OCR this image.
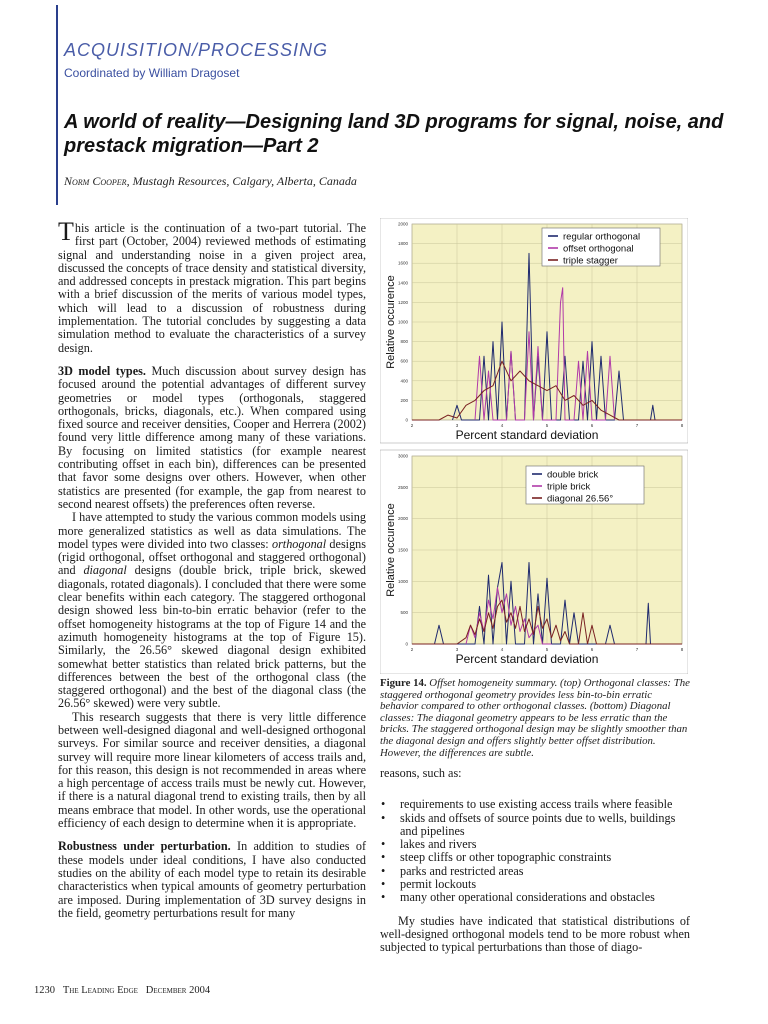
ACQUISITION/PROCESSING
Coordinated by William Dragoset
A world of reality—Designing land 3D programs for signal, noise, and prestack migration—Part 2
Norm Cooper, Mustagh Resources, Calgary, Alberta, Canada

This article is the continuation of a two-part tutorial. The first part (October, 2004) reviewed methods of estimating signal and understanding noise in a given project area, discussed the concepts of trace density and statistical diversity, and addressed concepts in prestack migration. This part begins with a brief discussion of the merits of various model types, which will lead to a discussion of robustness during implementation. The tutorial concludes by suggesting a data simulation method to evaluate the characteristics of a survey design.

3D model types. Much discussion about survey design has focused around the potential advantages of different survey geometries or model types (orthogonals, staggered orthogonals, bricks, diagonals, etc.). When compared using fixed source and receiver densities, Cooper and Herrera (2002) found very little difference among many of these variations. By focusing on limited statistics (for example nearest contributing offset in each bin), differences can be presented that favor some designs over others. However, when other statistics are presented (for example, the gap from nearest to second nearest offsets) the preferences often reverse.

I have attempted to study the various common models using more generalized statistics as well as data simulations. The model types were divided into two classes: orthogonal designs (rigid orthogonal, offset orthogonal and staggered orthogonal) and diagonal designs (double brick, triple brick, skewed diagonals, rotated diagonals). I concluded that there were some clear benefits within each category. The staggered orthogonal design showed less bin-to-bin erratic behavior (refer to the offset homogeneity histograms at the top of Figure 14 and the azimuth homogeneity histograms at the top of Figure 15). Similarly, the 26.56° skewed diagonal design exhibited somewhat better statistics than related brick patterns, but the differences between the best of the orthogonal class (the staggered orthogonal) and the best of the diagonal class (the 26.56° skewed) were very subtle.

This research suggests that there is very little difference between well-designed diagonal and well-designed orthogonal surveys. For similar source and receiver densities, a diagonal survey will require more linear kilometers of access trails and, for this reason, this design is not recommended in areas where a high percentage of access trails must be newly cut. However, if there is a natural diagonal trend to existing trails, then by all means embrace that model. In other words, use the operational efficiency of each design to determine when it is appropriate.

Robustness under perturbation. In addition to studies of these models under ideal conditions, I have also conducted studies on the ability of each model type to retain its desirable characteristics when typical amounts of geometry perturbation are imposed. During implementation of 3D survey designs in the field, geometry perturbations result for many

0
200
400
600
800
1000
1200
1400
1600
1800
2000
2	3	4	5	6	7	8
Percent standard deviation
Relative occurence
regular orthogonal
offset orthogonal
triple stagger
0
500
1000
1500
2000
2500
3000
2	3	4	5	6	7	8
Percent standard deviation
Relative occurence
double brick
triple brick
diagonal 26.56°
Figure 14. Offset homogeneity summary. (top) Orthogonal classes: The staggered orthogonal geometry provides less bin-to-bin erratic behavior compared to other orthogonal classes. (bottom) Diagonal classes: The diagonal geometry appears to be less erratic than the bricks. The staggered orthogonal design may be slightly smoother than the diagonal design and offers slightly better offset distribution. However, the differences are subtle.
reasons, such as:
• requirements to use existing access trails where feasible
• skids and offsets of source points due to wells, buildings and pipelines
• lakes and rivers
• steep cliffs or other topographic constraints
• parks and restricted areas
• permit lockouts
• many other operational considerations and obstacles

My studies have indicated that statistical distributions of well-designed orthogonal models tend to be more robust when subjected to typical perturbations than those of diago-

1230 The Leading Edge December 2004
